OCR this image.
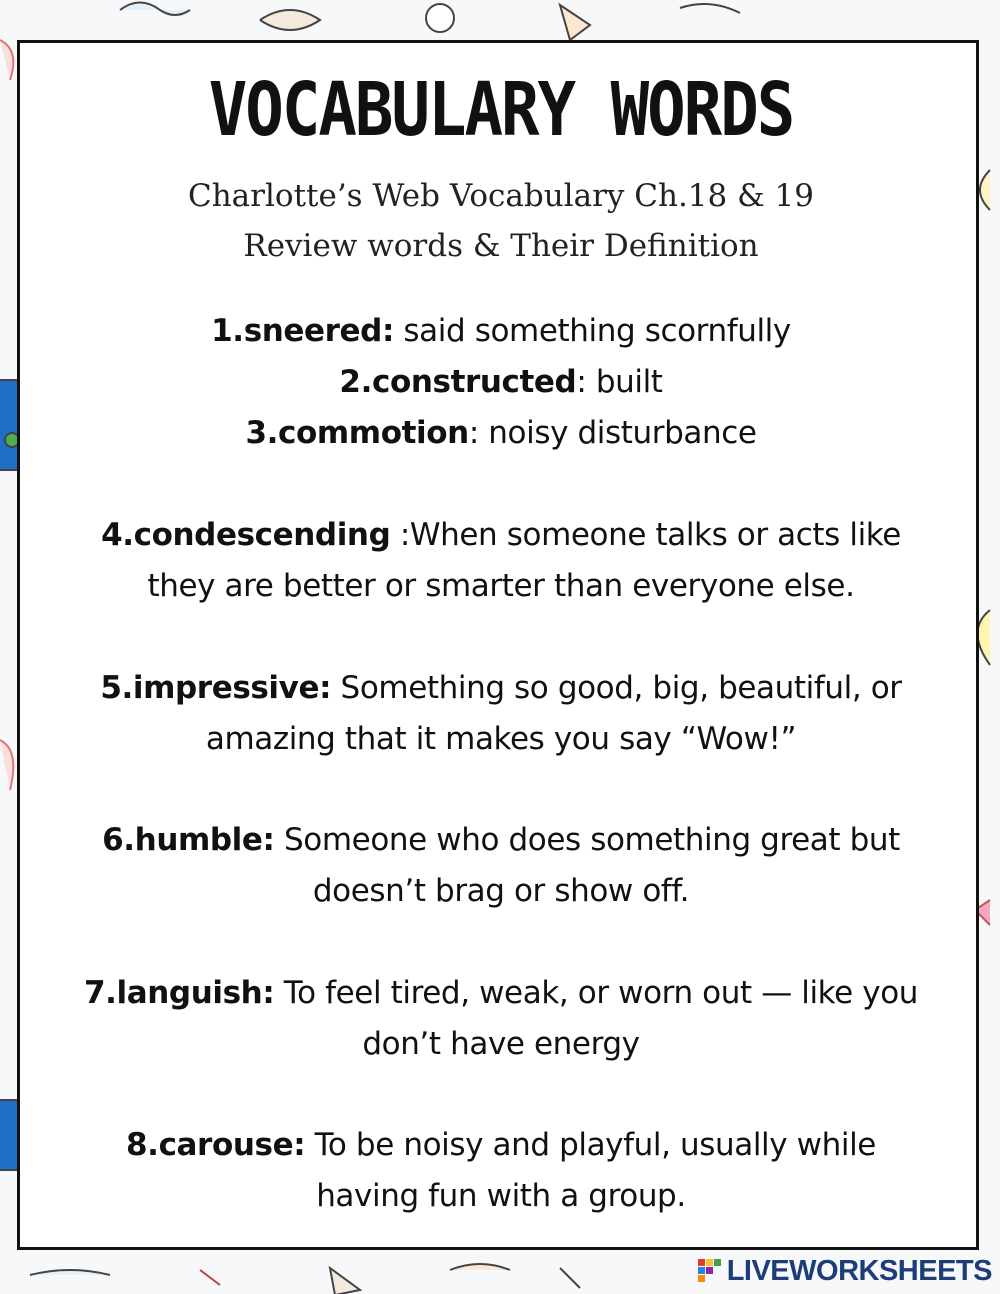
VOCABULARY WORDS
Charlotte’s Web Vocabulary Ch.18 & 19
Review words & Their Definition
1.sneered: said something scornfully
2.constructed: built
3.commotion: noisy disturbance
4.condescending :When someone talks or acts like
they are better or smarter than everyone else.
5.impressive: Something so good, big, beautiful, or
amazing that it makes you say “Wow!”
6.humble: Someone who does something great but
doesn’t brag or show off.
7.languish: To feel tired, weak, or worn out — like you
don’t have energy
8.carouse: To be noisy and playful, usually while
having fun with a group.
LIVEWORKSHEETS
